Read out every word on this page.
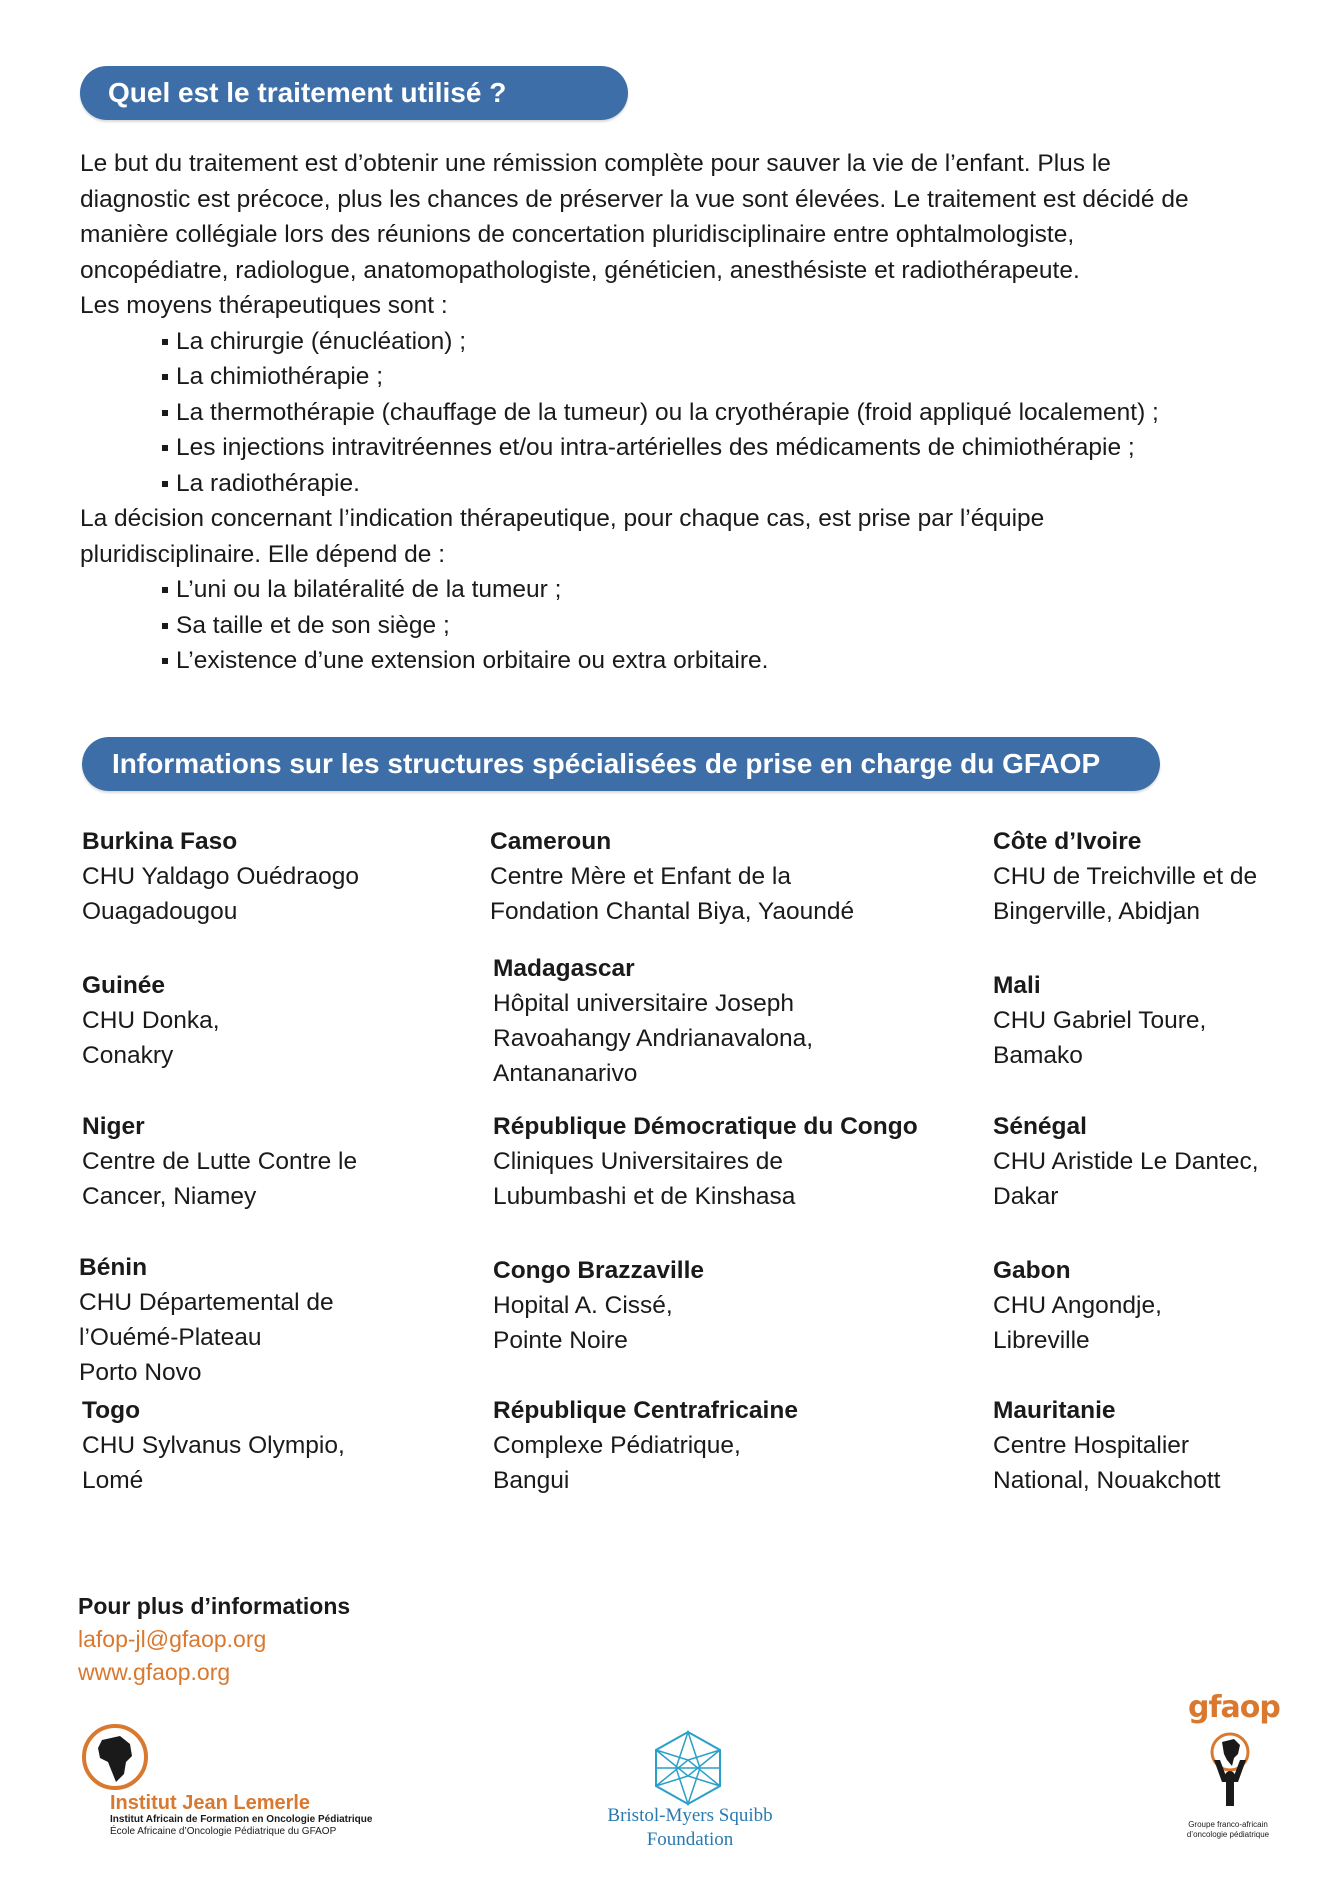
Quel est le traitement utilisé ?

Le but du traitement est d’obtenir une rémission complète pour sauver la vie de l’enfant. Plus le

diagnostic est précoce, plus les chances de préserver la vue sont élevées. Le traitement est décidé de

manière collégiale lors des réunions de concertation pluridisciplinaire entre ophtalmologiste,

oncopédiatre, radiologue, anatomopathologiste, généticien, anesthésiste et radiothérapeute.

Les moyens thérapeutiques sont :

La chirurgie (énucléation) ;
La chimiothérapie ;
La thermothérapie (chauffage de la tumeur) ou la cryothérapie (froid appliqué localement) ;
Les injections intravitréennes et/ou intra-artérielles des médicaments de chimiothérapie ;
La radiothérapie.

La décision concernant l’indication thérapeutique, pour chaque cas, est prise par l’équipe

pluridisciplinaire. Elle dépend de :

L’uni ou la bilatéralité de la tumeur ;
Sa taille et de son siège ;
L’existence d’une extension orbitaire ou extra orbitaire.
Informations sur les structures spécialisées de prise en charge du GFAOP
Burkina Faso
CHU Yaldago Ouédraogo
Ouagadougou
Cameroun
Centre Mère et Enfant de la
Fondation Chantal Biya, Yaoundé
Côte d’Ivoire
CHU de Treichville et de
Bingerville, Abidjan
Guinée
CHU Donka,
Conakry
Madagascar
Hôpital universitaire Joseph
Ravoahangy Andrianavalona,
Antananarivo
Mali
CHU Gabriel Toure,
Bamako
Niger
Centre de Lutte Contre le
Cancer, Niamey
République Démocratique du Congo
Cliniques Universitaires de
Lubumbashi et de Kinshasa
Sénégal
CHU Aristide Le Dantec,
Dakar
Bénin
CHU Départemental de
l’Ouémé-Plateau
Porto Novo
Congo Brazzaville
Hopital A. Cissé,
Pointe Noire
Gabon
CHU Angondje,
Libreville
Togo
CHU Sylvanus Olympio,
Lomé
République Centrafricaine
Complexe Pédiatrique,
Bangui
Mauritanie
Centre Hospitalier
National, Nouakchott
Pour plus d’informations
lafop-jl@gfaop.org
www.gfaop.org
Institut Jean Lemerle
Institut Africain de Formation en Oncologie Pédiatrique
École Africaine d’Oncologie Pédiatrique du GFAOP
Bristol-Myers Squibb
Foundation
gfaop
Groupe franco-africain
d’oncologie pédiatrique
